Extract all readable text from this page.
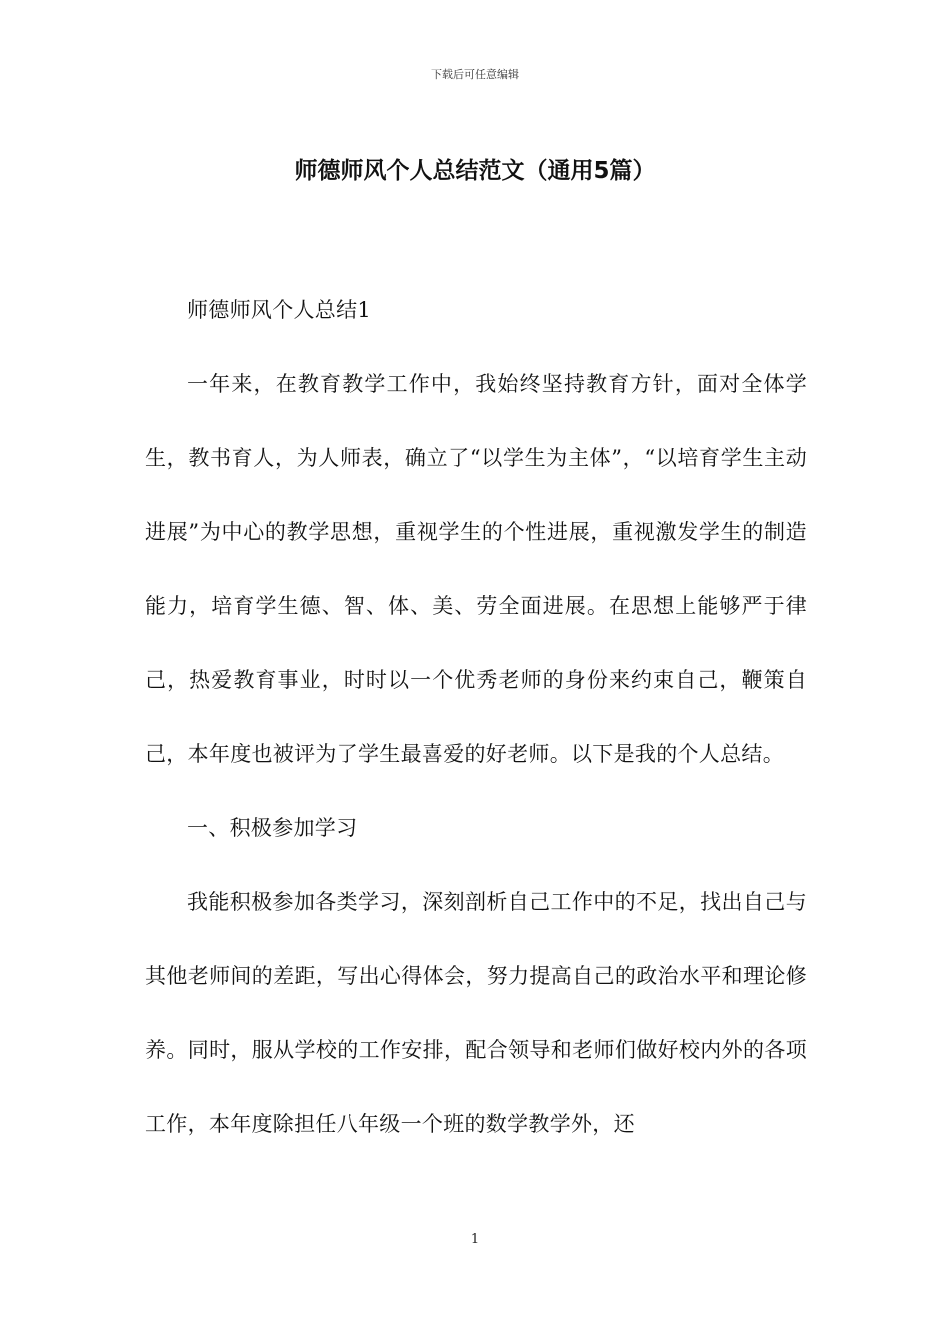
下载后可任意编辑
师德师风个人总结范文（通用5篇）

师德师风个人总结1

一年来，在教育教学工作中，我始终坚持教育方针，面对全体学生，教书育人，为人师表，确立了“以学生为主体”，“以培育学生主动进展”为中心的教学思想，重视学生的个性进展，重视激发学生的制造能力，培育学生德、智、体、美、劳全面进展。在思想上能够严于律己，热爱教育事业，时时以一个优秀老师的身份来约束自己，鞭策自己，本年度也被评为了学生最喜爱的好老师。以下是我的个人总结。

一、积极参加学习

我能积极参加各类学习，深刻剖析自己工作中的不足，找出自己与其他老师间的差距，写出心得体会，努力提高自己的政治水平和理论修养。同时，服从学校的工作安排，配合领导和老师们做好校内外的各项工作，本年度除担任八年级一个班的数学教学外，还

1
